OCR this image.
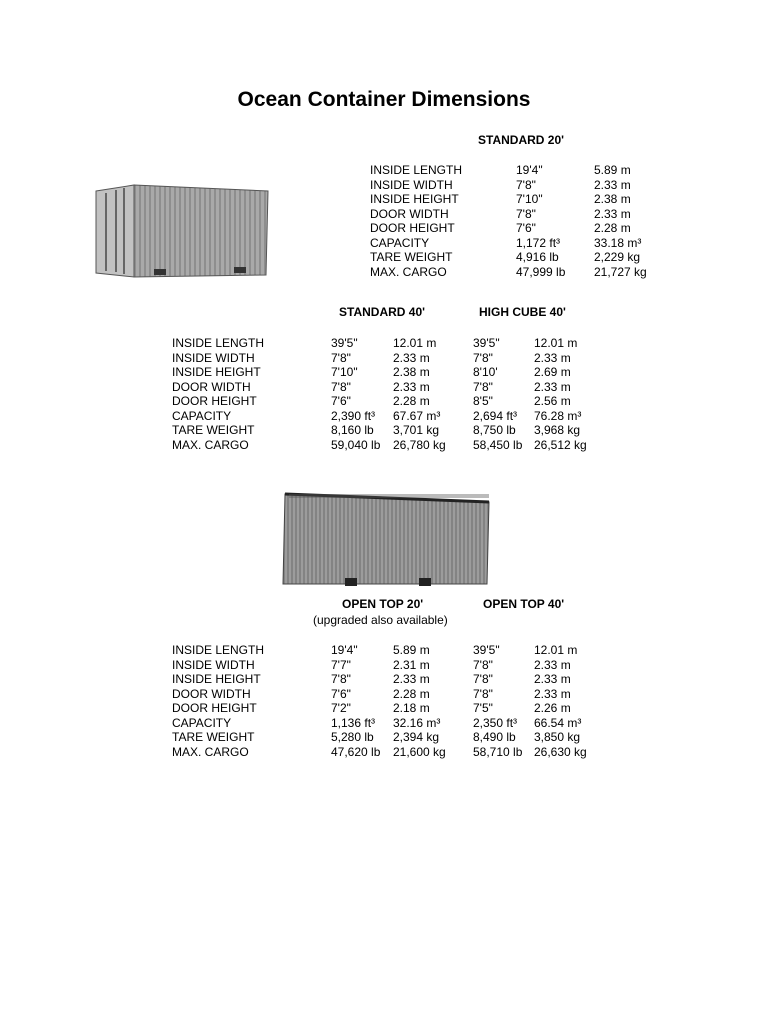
Ocean Container Dimensions
STANDARD 20'
INSIDE LENGTH	19'4"	5.89 m
INSIDE WIDTH	7'8"	2.33 m
INSIDE HEIGHT	7'10"	2.38 m
DOOR WIDTH	7'8"	2.33 m
DOOR HEIGHT	7'6"	2.28 m
CAPACITY	1,172 ft³	33.18 m³
TARE WEIGHT	4,916 lb	2,229 kg
MAX. CARGO	47,999 lb 21,727 kg
STANDARD 40'	HIGH CUBE 40'
INSIDE LENGTH	39'5"	12.01 m	39'5"	12.01 m
INSIDE WIDTH	7'8"	2.33 m	7'8"	2.33 m
INSIDE HEIGHT	7'10"	2.38 m	8'10'	2.69 m
DOOR WIDTH	7'8"	2.33 m	7'8"	2.33 m
DOOR HEIGHT	7'6"	2.28 m	8'5"	2.56 m
CAPACITY	2,390 ft³ 67.67 m³	2,694 ft³ 76.28 m³
TARE WEIGHT	8,160 lb 3,701 kg	8,750 lb 3,968 kg
MAX. CARGO	59,040 lb 26,780 kg 58,450 lb 26,512 kg
OPEN TOP 20'	OPEN TOP 40'
(upgraded also available)
INSIDE LENGTH	19'4"	5.89 m	39'5"	12.01 m
INSIDE WIDTH	7'7"	2.31 m	7'8"	2.33 m
INSIDE HEIGHT	7'8"	2.33 m	7'8"	2.33 m
DOOR WIDTH	7'6"	2.28 m	7'8"	2.33 m
DOOR HEIGHT	7'2"	2.18 m	7'5"	2.26 m
CAPACITY	1,136 ft³ 32.16 m³	2,350 ft³ 66.54 m³
TARE WEIGHT	5,280 lb 2,394 kg	8,490 lb 3,850 kg
MAX. CARGO	47,620 lb 21,600 kg 58,710 lb 26,630 kg
